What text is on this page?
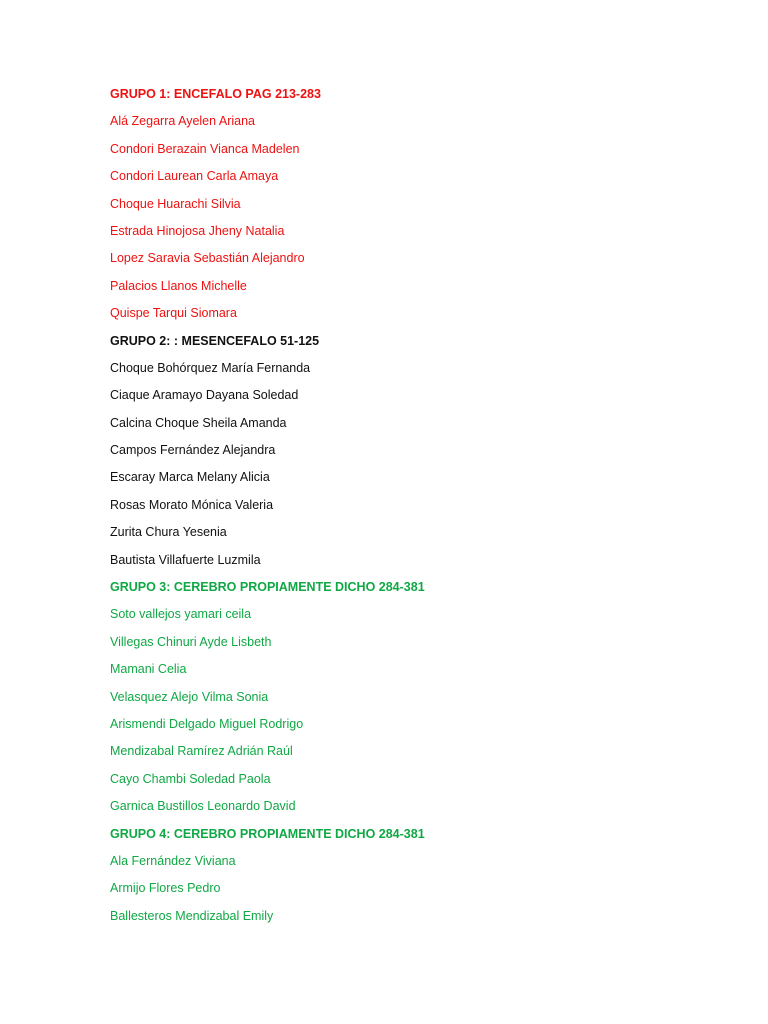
GRUPO 1: ENCEFALO PAG 213-283
Alá Zegarra Ayelen Ariana
Condori Berazain Vianca Madelen
Condori Laurean Carla Amaya
Choque Huarachi Silvia
Estrada Hinojosa Jheny Natalia
Lopez Saravia Sebastián Alejandro
Palacios Llanos Michelle
Quispe Tarqui Siomara
GRUPO 2: : MESENCEFALO 51-125
Choque Bohórquez María Fernanda
Ciaque Aramayo Dayana Soledad
Calcina Choque Sheila Amanda
Campos Fernández Alejandra
Escaray Marca Melany Alicia
Rosas Morato Mónica Valeria
Zurita Chura Yesenia
Bautista Villafuerte Luzmila
GRUPO 3: CEREBRO PROPIAMENTE DICHO 284-381
Soto vallejos yamari ceila
Villegas Chinuri Ayde Lisbeth
Mamani Celia
Velasquez Alejo Vilma Sonia
Arismendi Delgado Miguel Rodrigo
Mendizabal Ramírez Adrián Raúl
Cayo Chambi Soledad Paola
Garnica Bustillos Leonardo David
GRUPO 4: CEREBRO PROPIAMENTE DICHO 284-381
Ala Fernández Viviana
Armijo Flores Pedro
Ballesteros Mendizabal Emily
